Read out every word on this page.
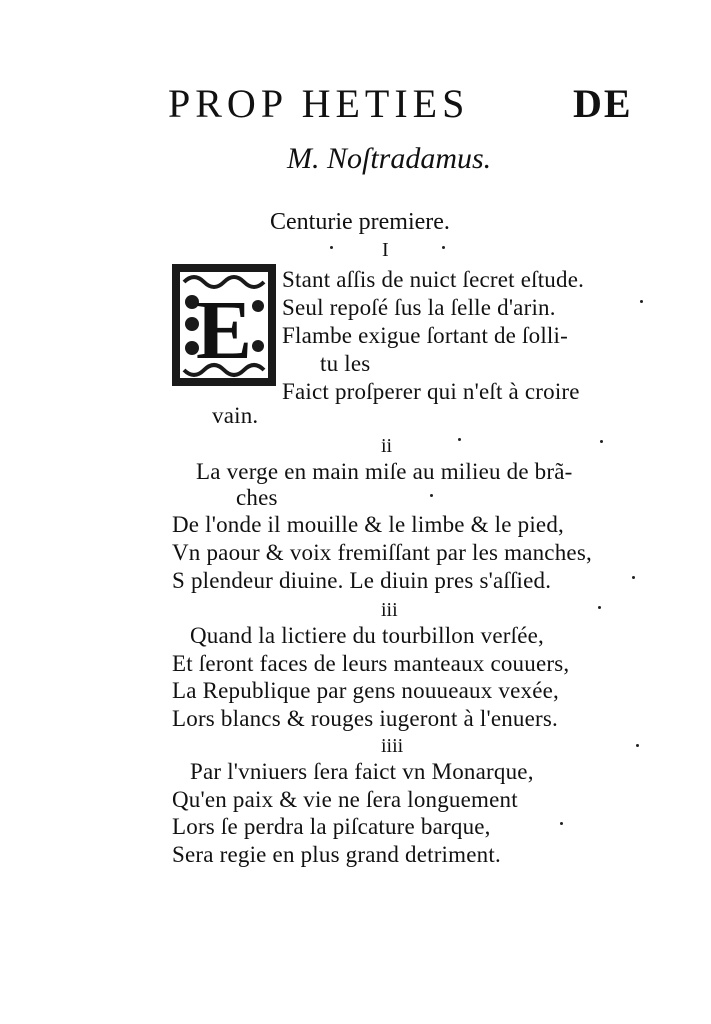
PROP HETIES	DE
M. Noſtradamus.
Centurie premiere.
I
E
Stant aſſis de nuict ſecret eſtude.
Seul repoſé ſus la ſelle d'arin.
Flambe exigue ſortant de ſolli-
tu les
Faict proſperer qui n'eſt à croire
vain.
ii
La verge en main miſe au milieu de brã-
ches
De l'onde il mouille & le limbe & le pied,
Vn paour & voix fremiſſant par les manches,
S plendeur diuine. Le diuin pres s'aſſied.
iii
Quand la lictiere du tourbillon verſée,
Et ſeront faces de leurs manteaux couuers,
La Republique par gens nouueaux vexée,
Lors blancs & rouges iugeront à l'enuers.
iiii
Par l'vniuers ſera faict vn Monarque,
Qu'en paix & vie ne ſera longuement
Lors ſe perdra la piſcature barque,
Sera regie en plus grand detriment.
